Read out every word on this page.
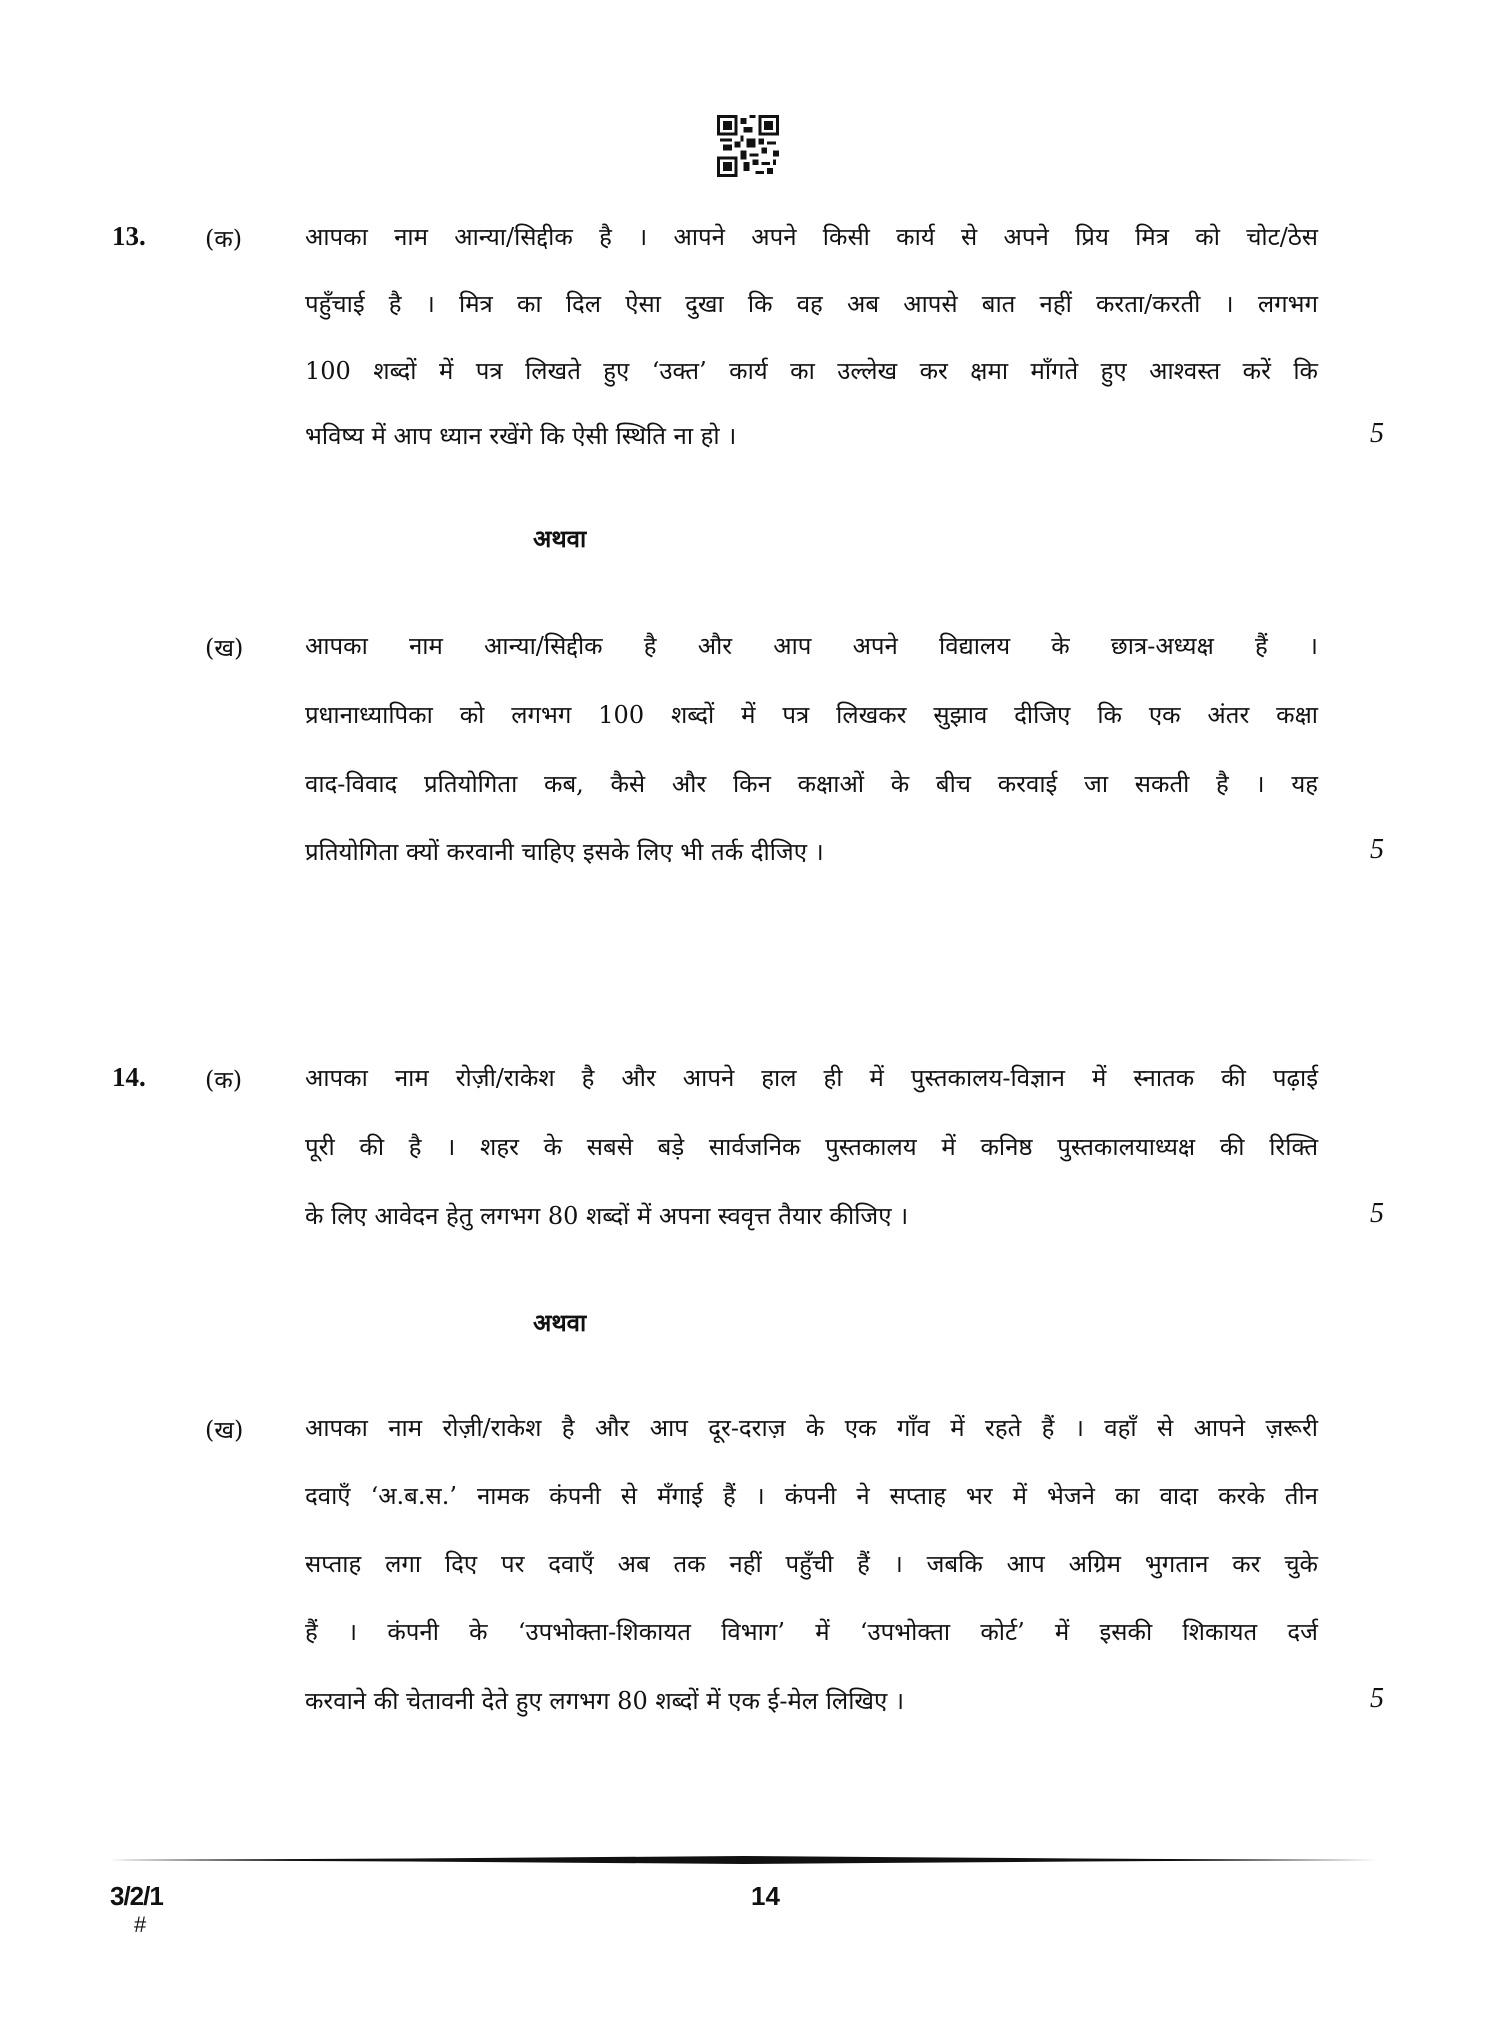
13. (क)	आपका नाम आन्या/सिद्दीक है । आपने अपने किसी कार्य से अपने प्रिय मित्र को चोट/ठेस
पहुँचाई है । मित्र का दिल ऐसा दुखा कि वह अब आपसे बात नहीं करता/करती । लगभग
100 शब्दों में पत्र लिखते हुए ‘उक्त’ कार्य का उल्लेख कर क्षमा माँगते हुए आश्वस्त करें कि
भविष्य में आप ध्यान रखेंगे कि ऐसी स्थिति ना हो ।	5
अथवा
(ख)	आपका नाम आन्या/सिद्दीक है और आप अपने विद्यालय के छात्र-अध्यक्ष हैं ।
प्रधानाध्यापिका को लगभग 100 शब्दों में पत्र लिखकर सुझाव दीजिए कि एक अंतर कक्षा
वाद-विवाद प्रतियोगिता कब, कैसे और किन कक्षाओं के बीच करवाई जा सकती है । यह
प्रतियोगिता क्यों करवानी चाहिए इसके लिए भी तर्क दीजिए ।	5
14. (क)	आपका नाम रोज़ी/राकेश है और आपने हाल ही में पुस्तकालय-विज्ञान में स्नातक की पढ़ाई
पूरी की है । शहर के सबसे बड़े सार्वजनिक पुस्तकालय में कनिष्ठ पुस्तकालयाध्यक्ष की रिक्ति
के लिए आवेदन हेतु लगभग 80 शब्दों में अपना स्ववृत्त तैयार कीजिए ।	5
अथवा
(ख)	आपका नाम रोज़ी/राकेश है और आप दूर-दराज़ के एक गाँव में रहते हैं । वहाँ से आपने ज़रूरी
दवाएँ ‘अ.ब.स.’ नामक कंपनी से मँगाई हैं । कंपनी ने सप्ताह भर में भेजने का वादा करके तीन
सप्ताह लगा दिए पर दवाएँ अब तक नहीं पहुँची हैं । जबकि आप अग्रिम भुगतान कर चुके
हैं । कंपनी के ‘उपभोक्ता-शिकायत विभाग’ में ‘उपभोक्ता कोर्ट’ में इसकी शिकायत दर्ज
करवाने की चेतावनी देते हुए लगभग 80 शब्दों में एक ई-मेल लिखिए ।	5
3/2/1
#
14
